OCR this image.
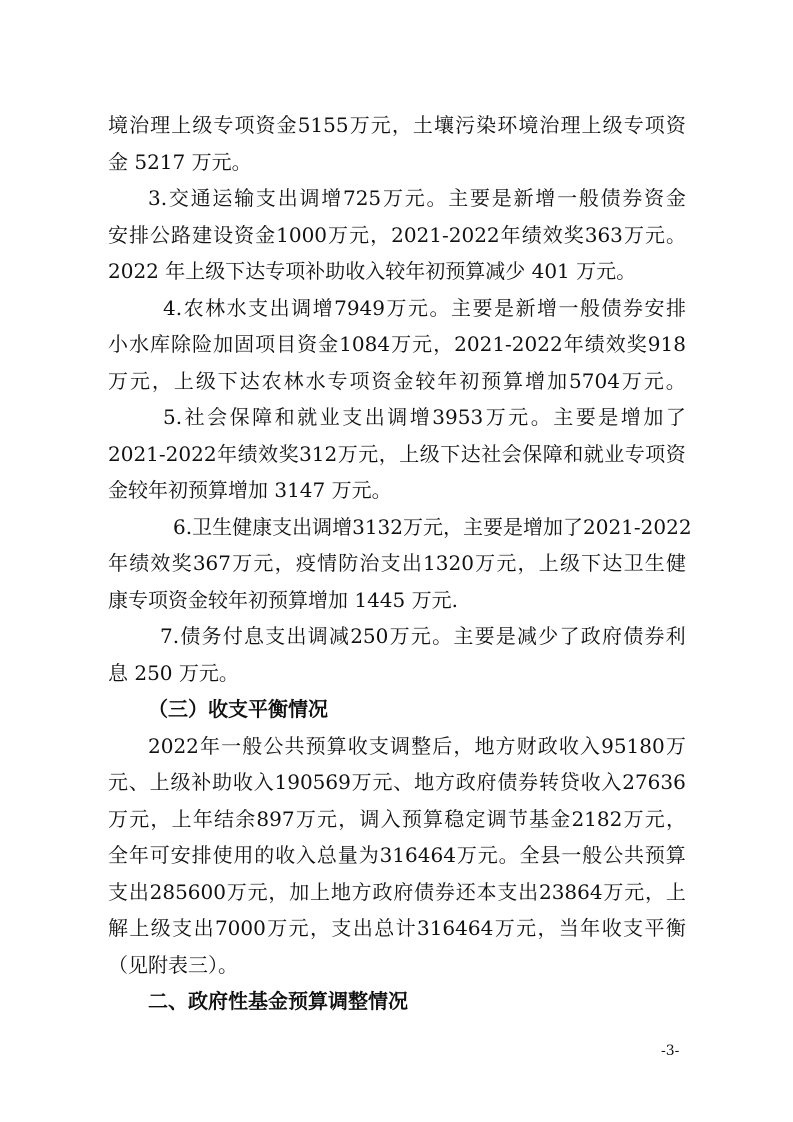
境 治 理 上 级 专 项 资 金 5155 万 元 ， 土 壤 污 染 环 境 治 理 上 级 专 项 资
金 5217 万元。
3. 交 通 运 输 支 出 调 增 725 万 元 。 主 要 是 新 增 一 般 债 券 资 金
安 排 公 路 建 设 资 金 1000 万 元 ， 2021-2022 年 绩 效 奖 363 万 元 。
2022 年上级下达专项补助收入较年初预算减少 401 万元。
4. 农 林 水 支 出 调 增 7949 万 元 。 主 要 是 新 增 一 般 债 券 安 排
小 水 库 除 险 加 固 项 目 资 金 1084 万 元 ， 2021-2022 年 绩 效 奖 918
万 元 ， 上 级 下 达 农 林 水 专 项 资 金 较 年 初 预 算 增 加 5704 万 元 。
5. 社 会 保 障 和 就 业 支 出 调 增 3953 万 元 。 主 要 是 增 加 了
2021-2022 年 绩 效 奖 312 万 元 ， 上 级 下 达 社 会 保 障 和 就 业 专 项 资
金较年初预算增加 3147 万元。
6. 卫 生 健 康 支 出 调 增 3132 万 元 ， 主 要 是 增 加 了 2021-2022
年 绩 效 奖 367 万 元 ， 疫 情 防 治 支 出 1320 万 元 ， 上 级 下 达 卫 生 健
康专项资金较年初预算增加 1445 万元.
7. 债 务 付 息 支 出 调 减 250 万 元 。 主 要 是 减 少 了 政 府 债 券 利
息 250 万元。
（三）收支平衡情况
2022 年 一 般 公 共 预 算 收 支 调 整 后 ， 地 方 财 政 收 入 95180 万
元 、 上 级 补 助 收 入 190569 万 元 、 地 方 政 府 债 券 转 贷 收 入 27636
万 元 ， 上 年 结 余 897 万 元 ， 调 入 预 算 稳 定 调 节 基 金 2182 万 元 ，
全 年 可 安 排 使 用 的 收 入 总 量 为 316464 万 元 。 全 县 一 般 公 共 预 算
支 出 285600 万 元 ， 加 上 地 方 政 府 债 券 还 本 支 出 23864 万 元 ， 上
解 上 级 支 出 7000 万 元 ， 支 出 总 计 316464 万 元 ， 当 年 收 支 平 衡
（见附表三）。
二、政府性基金预算调整情况
-3-
